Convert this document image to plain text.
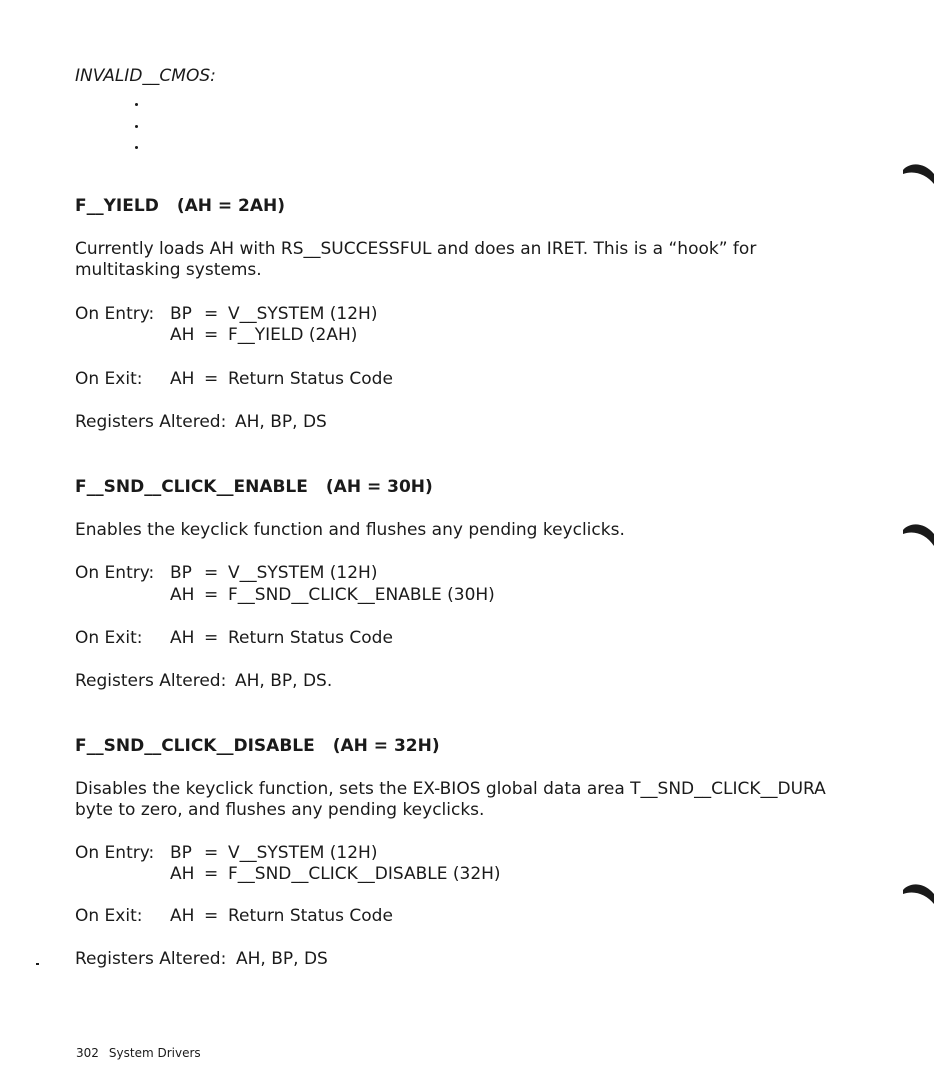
INVALID__CMOS:
F__YIELD (AH = 2AH)
Currently loads AH with RS__SUCCESSFUL and does an IRET. This is a “hook” for multitasking systems.
On Entry: BP = V__SYSTEM (12H)
AH = F__YIELD (2AH)
On Exit: AH = Return Status Code
Registers Altered: AH, BP, DS
F__SND__CLICK__ENABLE (AH = 30H)
Enables the keyclick function and flushes any pending keyclicks.
On Entry: BP = V__SYSTEM (12H)
AH = F__SND__CLICK__ENABLE (30H)
On Exit: AH = Return Status Code
Registers Altered: AH, BP, DS.
F__SND__CLICK__DISABLE (AH = 32H)
Disables the keyclick function, sets the EX-BIOS global data area T__SND__CLICK__DURA byte to zero, and flushes any pending keyclicks.
On Entry: BP = V__SYSTEM (12H)
AH = F__SND__CLICK__DISABLE (32H)
On Exit: AH = Return Status Code
Registers Altered: AH, BP, DS
302 System Drivers
